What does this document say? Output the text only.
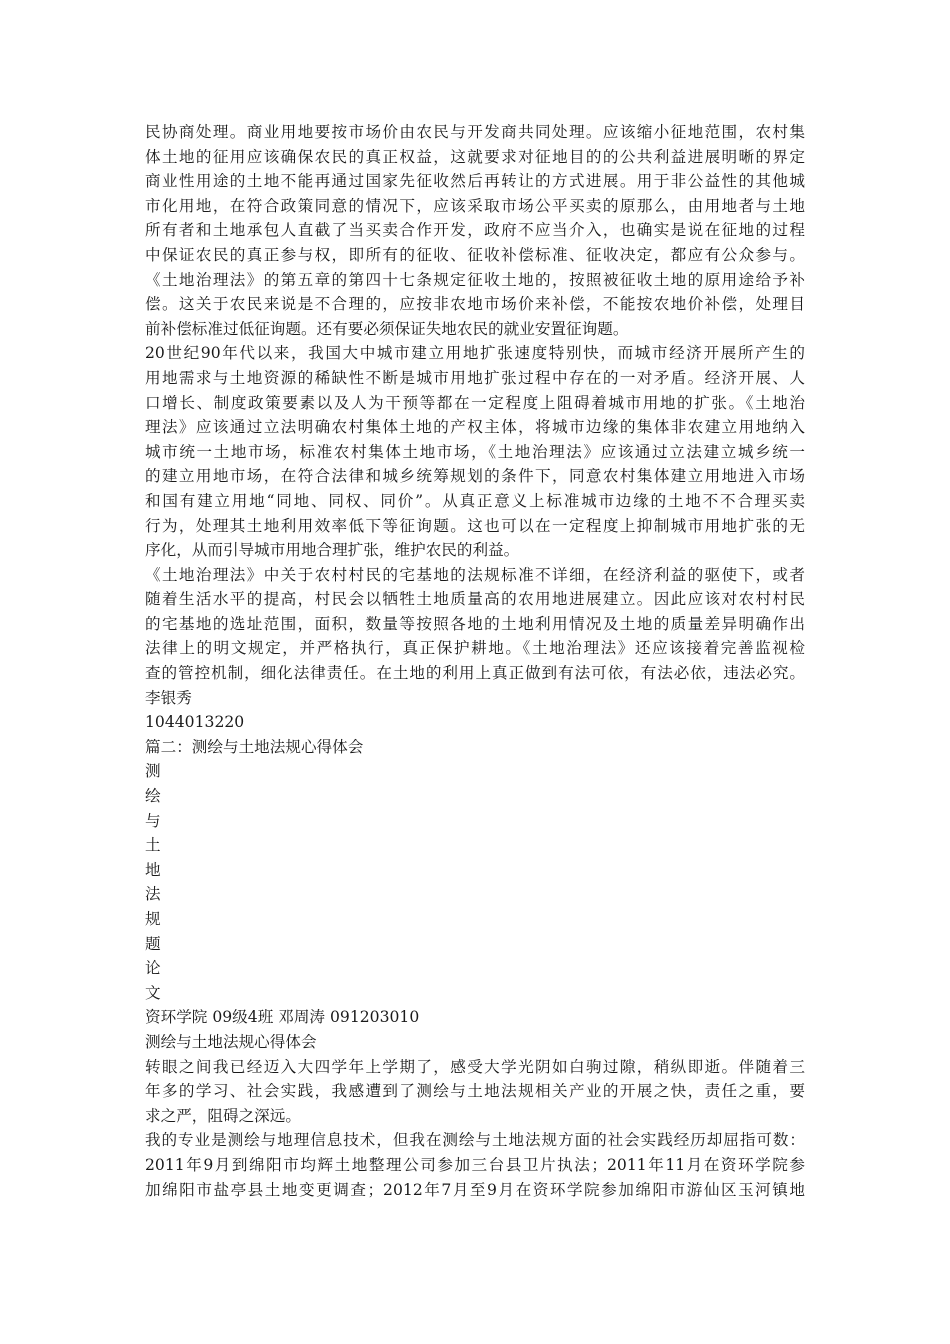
民协商处理。商业用地要按市场价由农民与开发商共同处理。应该缩小征地范围，农村集
体土地的征用应该确保农民的真正权益，这就要求对征地目的的公共利益进展明晰的界定
商业性用途的土地不能再通过国家先征收然后再转让的方式进展。用于非公益性的其他城
市化用地，在符合政策同意的情况下，应该采取市场公平买卖的原那么，由用地者与土地
所有者和土地承包人直截了当买卖合作开发，政府不应当介入，也确实是说在征地的过程
中保证农民的真正参与权，即所有的征收、征收补偿标准、征收决定，都应有公众参与。
《土地治理法》的第五章的第四十七条规定征收土地的，按照被征收土地的原用途给予补
偿。这关于农民来说是不合理的，应按非农地市场价来补偿，不能按农地价补偿，处理目
前补偿标准过低征询题。还有要必须保证失地农民的就业安置征询题。
20世纪90年代以来，我国大中城市建立用地扩张速度特别快，而城市经济开展所产生的
用地需求与土地资源的稀缺性不断是城市用地扩张过程中存在的一对矛盾。经济开展、人
口增长、制度政策要素以及人为干预等都在一定程度上阻碍着城市用地的扩张。《土地治
理法》应该通过立法明确农村集体土地的产权主体，将城市边缘的集体非农建立用地纳入
城市统一土地市场，标准农村集体土地市场，《土地治理法》应该通过立法建立城乡统一
的建立用地市场，在符合法律和城乡统筹规划的条件下，同意农村集体建立用地进入市场
和国有建立用地“同地、同权、同价”。从真正意义上标准城市边缘的土地不不合理买卖
行为，处理其土地利用效率低下等征询题。这也可以在一定程度上抑制城市用地扩张的无
序化，从而引导城市用地合理扩张，维护农民的利益。
《土地治理法》中关于农村村民的宅基地的法规标准不详细，在经济利益的驱使下，或者
随着生活水平的提高，村民会以牺牲土地质量高的农用地进展建立。因此应该对农村村民
的宅基地的选址范围，面积，数量等按照各地的土地利用情况及土地的质量差异明确作出
法律上的明文规定，并严格执行，真正保护耕地。《土地治理法》还应该接着完善监视检
查的管控机制，细化法律责任。在土地的利用上真正做到有法可依，有法必依，违法必究。
李银秀
1044013220
篇二：测绘与土地法规心得体会
测
绘
与
土
地
法
规
题
论
文
资环学院 09级4班 邓周涛 091203010
测绘与土地法规心得体会
转眼之间我已经迈入大四学年上学期了，感受大学光阴如白驹过隙，稍纵即逝。伴随着三
年多的学习、社会实践，我感遭到了测绘与土地法规相关产业的开展之快，责任之重，要
求之严，阻碍之深远。
我的专业是测绘与地理信息技术，但我在测绘与土地法规方面的社会实践经历却屈指可数：
2011年9月到绵阳市均辉土地整理公司参加三台县卫片执法；2011年11月在资环学院参
加绵阳市盐亭县土地变更调查；2012年7月至9月在资环学院参加绵阳市游仙区玉河镇地
